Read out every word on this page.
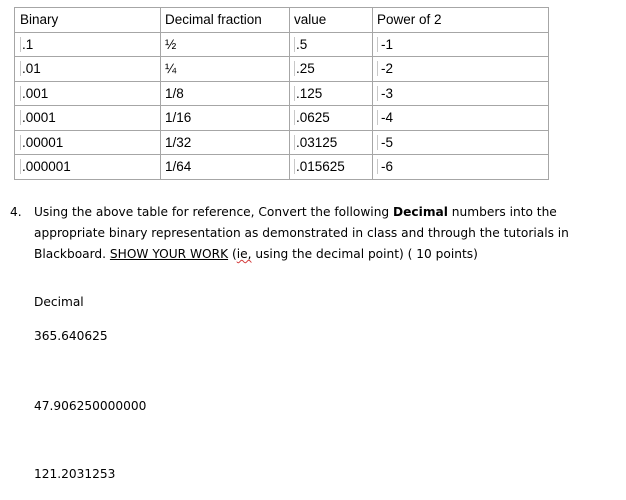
Binary	Decimal fraction	value	Power of 2
.1	½	.5	-1
.01	¼	.25	-2
.001	1/8	.125	-3
.0001	1/16	.0625	-4
.00001	1/32	.03125	-5
.000001	1/64	.015625	-6
4. Using the above table for reference, Convert the following Decimal numbers into the appropriate binary representation as demonstrated in class and through the tutorials in Blackboard. SHOW YOUR WORK (ie, using the decimal point) ( 10 points)
Decimal
365.640625
47.906250000000
121.2031253
